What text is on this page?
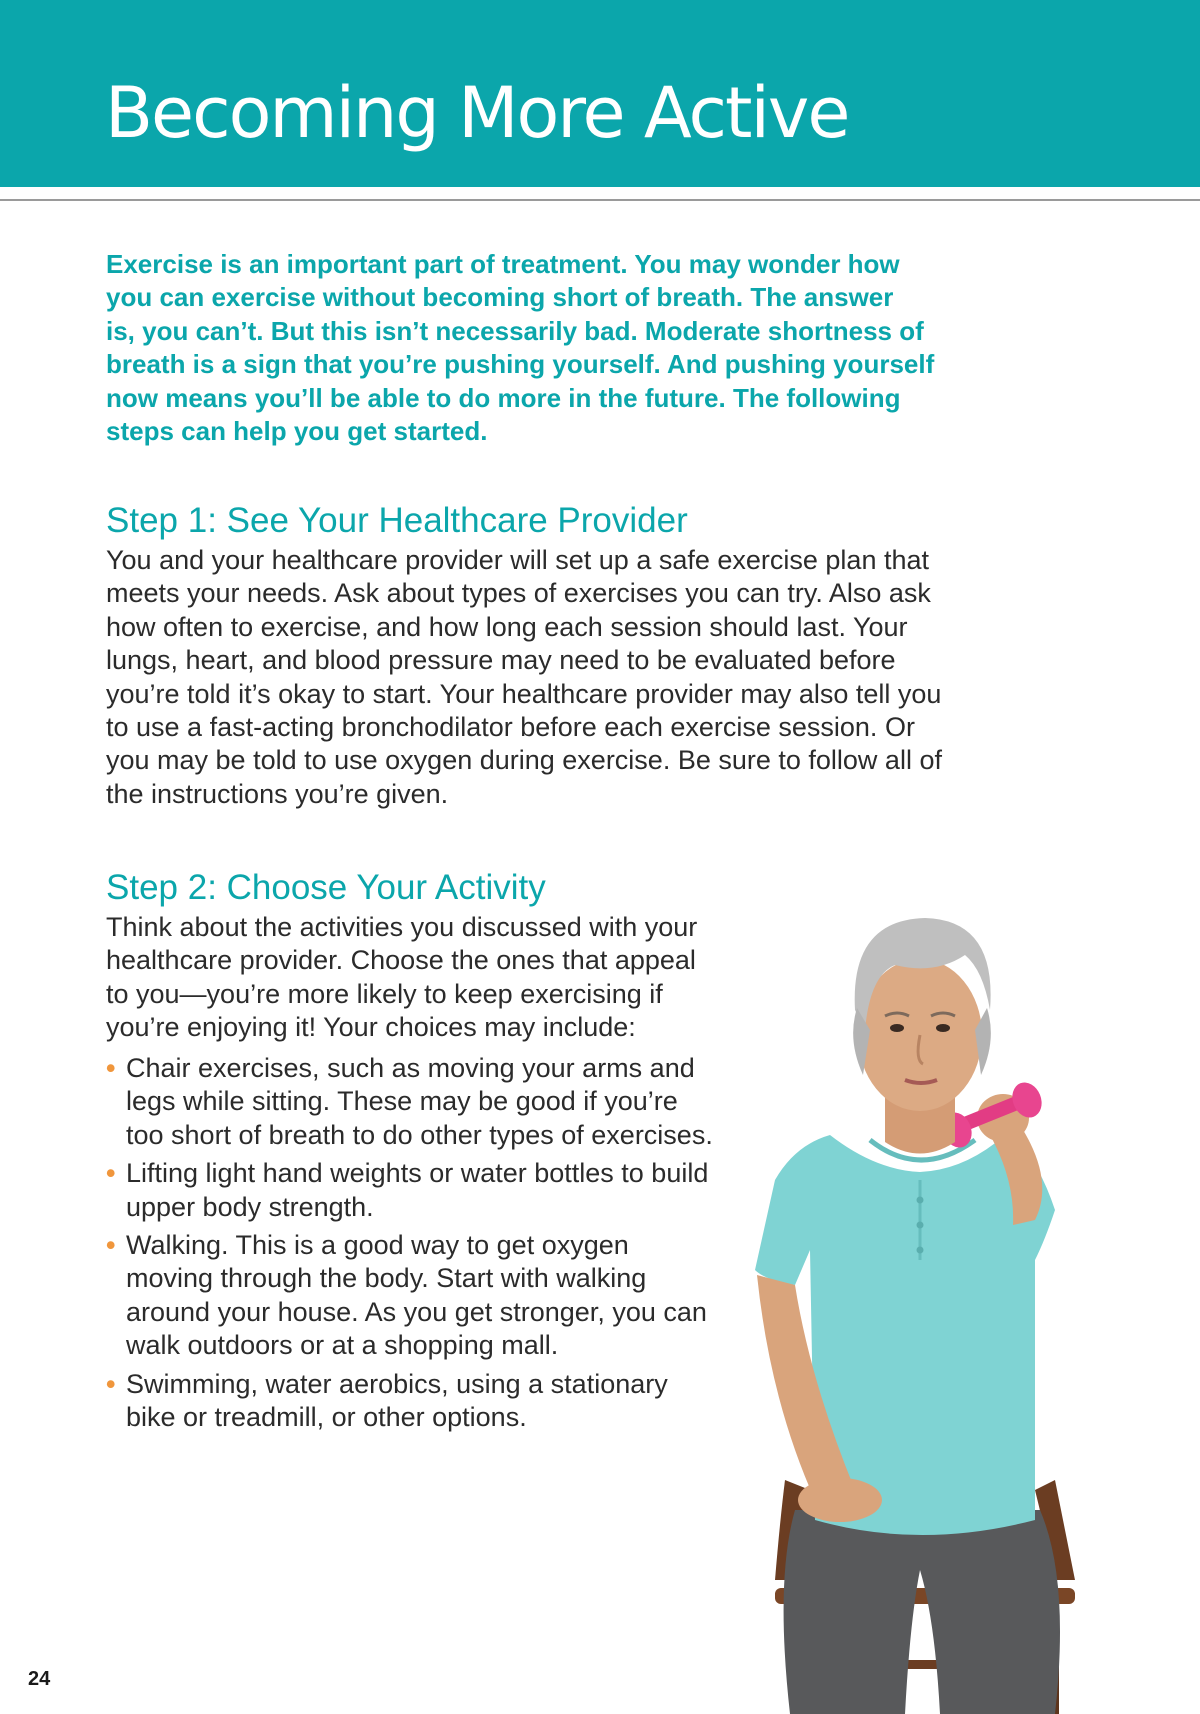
Becoming More Active

Exercise is an important part of treatment. You may wonder how
you can exercise without becoming short of breath. The answer
is, you can’t. But this isn’t necessarily bad. Moderate shortness of
breath is a sign that you’re pushing yourself. And pushing yourself
now means you’ll be able to do more in the future. The following
steps can help you get started.

Step 1: See Your Healthcare Provider

You and your healthcare provider will set up a safe exercise plan that
meets your needs. Ask about types of exercises you can try. Also ask
how often to exercise, and how long each session should last. Your
lungs, heart, and blood pressure may need to be evaluated before
you’re told it’s okay to start. Your healthcare provider may also tell you
to use a fast-acting bronchodilator before each exercise session. Or
you may be told to use oxygen during exercise. Be sure to follow all of
the instructions you’re given.

Step 2: Choose Your Activity

Think about the activities you discussed with your
healthcare provider. Choose the ones that appeal
to you—you’re more likely to keep exercising if
you’re enjoying it! Your choices may include:

• Chair exercises, such as moving your arms and
legs while sitting. These may be good if you’re
too short of breath to do other types of exercises.
• Lifting light hand weights or water bottles to build
upper body strength.
• Walking. This is a good way to get oxygen
moving through the body. Start with walking
around your house. As you get stronger, you can
walk outdoors or at a shopping mall.
• Swimming, water aerobics, using a stationary
bike or treadmill, or other options.

24
